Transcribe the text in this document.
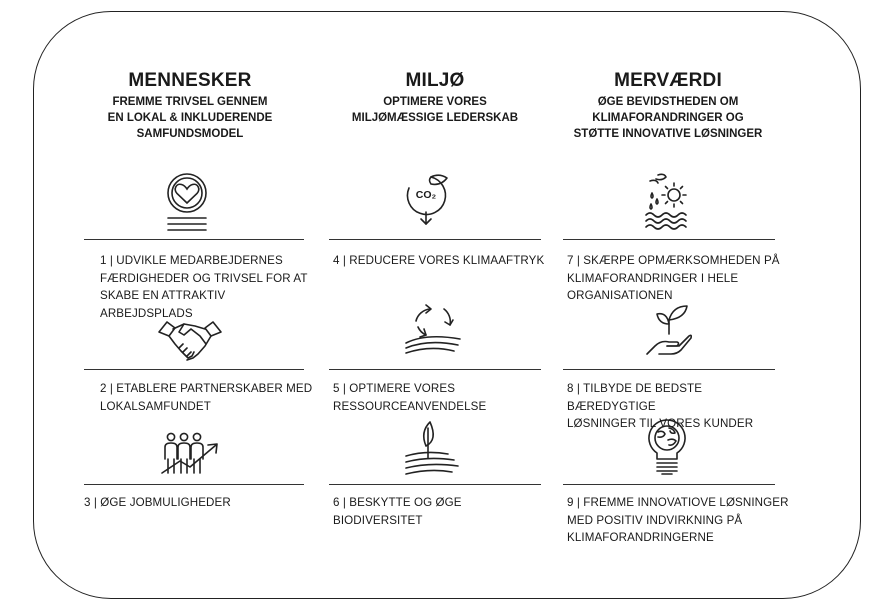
MENNESKER
FREMME TRIVSEL GENNEM
EN LOKAL & INKLUDERENDE
SAMFUNDSMODEL
MILJØ
OPTIMERE VORES
MILJØMÆSSIGE LEDERSKAB
MERVÆRDI
ØGE BEVIDSTHEDEN OM
KLIMAFORANDRINGER OG
STØTTE INNOVATIVE LØSNINGER
CO₂
1 | UDVIKLE MEDARBEJDERNES
FÆRDIGHEDER OG TRIVSEL FOR AT
SKABE EN ATTRAKTIV ARBEJDSPLADS
2 | ETABLERE PARTNERSKABER MED
LOKALSAMFUNDET
3 | ØGE JOBMULIGHEDER
4 | REDUCERE VORES KLIMAAFTRYK
5 | OPTIMERE VORES
RESSOURCEANVENDELSE
6 | BESKYTTE OG ØGE BIODIVERSITET
7 | SKÆRPE OPMÆRKSOMHEDEN PÅ
KLIMAFORANDRINGER I HELE
ORGANISATIONEN
8 | TILBYDE DE BEDSTE BÆREDYGTIGE
LØSNINGER TIL VORES KUNDER
9 | FREMME INNOVATIOVE LØSNINGER
MED POSITIV INDVIRKNING PÅ
KLIMAFORANDRINGERNE
